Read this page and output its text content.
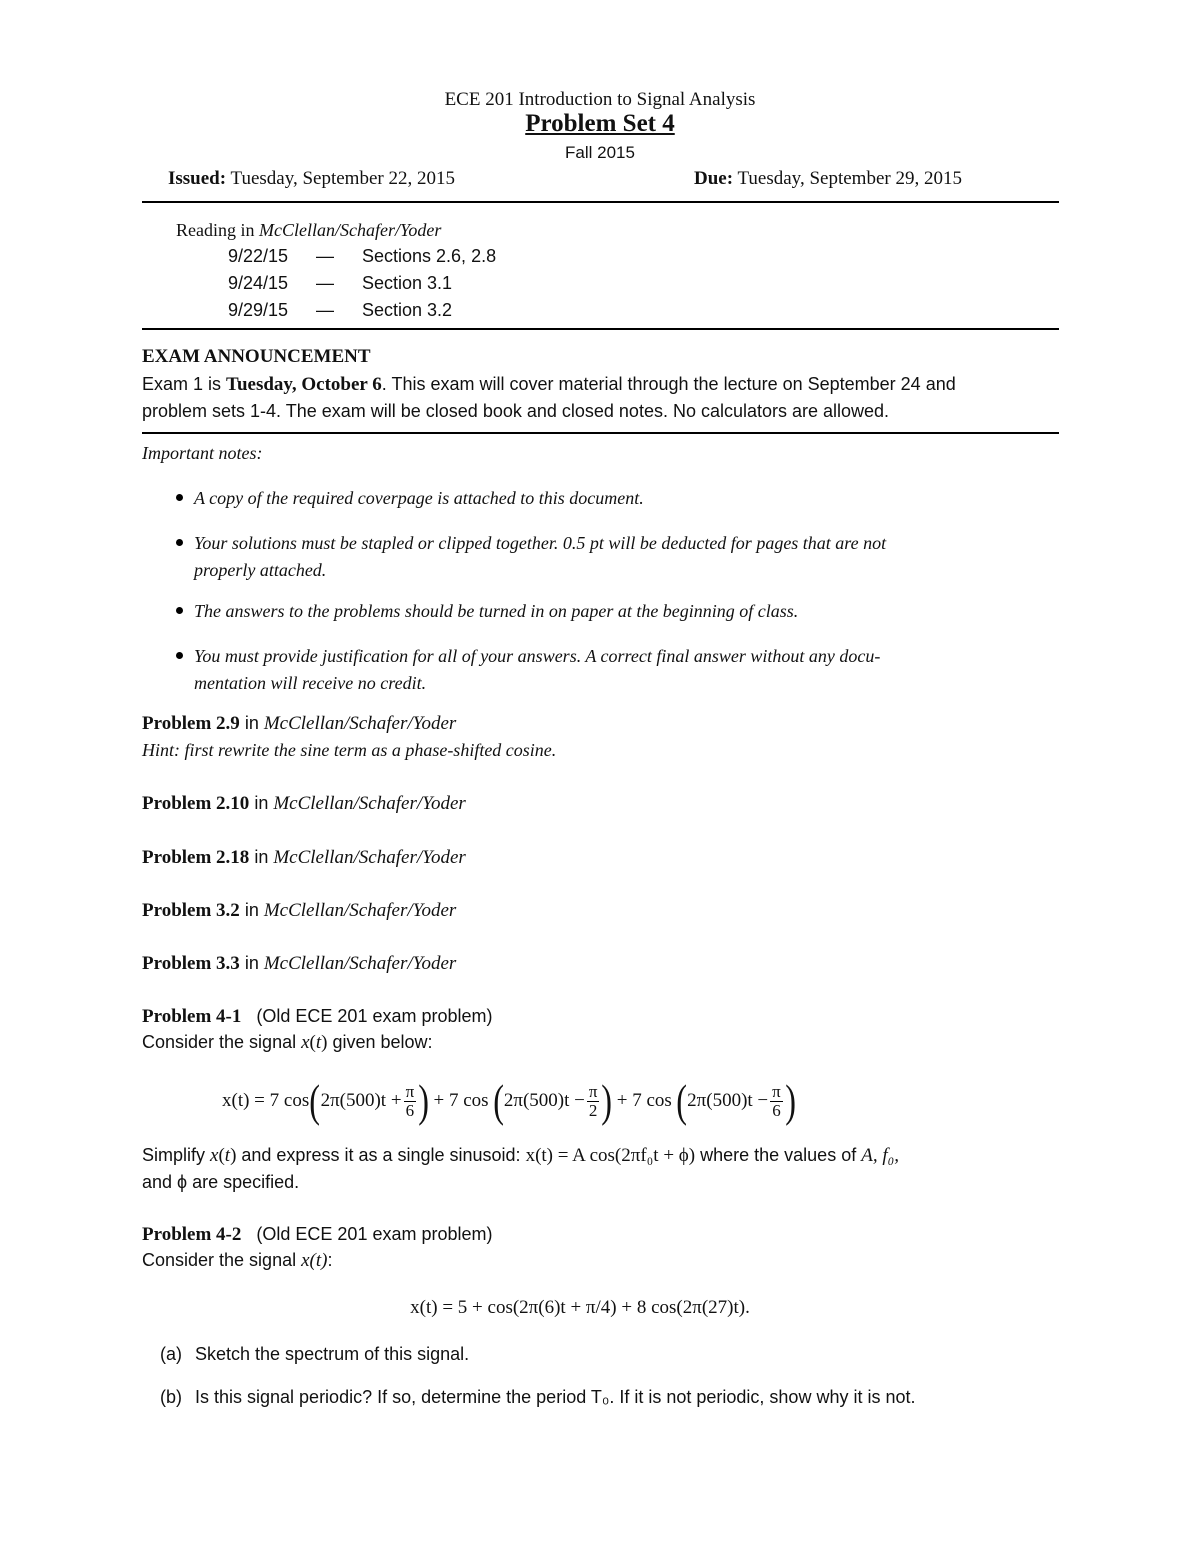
ECE 201 Introduction to Signal Analysis
Problem Set 4
Fall 2015
Issued: Tuesday, September 22, 2015	Due: Tuesday, September 29, 2015
Reading in McClellan/Schafer/Yoder
9/22/15 — Sections 2.6, 2.8
9/24/15 — Section 3.1
9/29/15 — Section 3.2
EXAM ANNOUNCEMENT
Exam 1 is Tuesday, October 6. This exam will cover material through the lecture on September 24 and
problem sets 1-4. The exam will be closed book and closed notes. No calculators are allowed.
Important notes:
A copy of the required coverpage is attached to this document.
Your solutions must be stapled or clipped together. 0.5 pt will be deducted for pages that are not
properly attached.
The answers to the problems should be turned in on paper at the beginning of class.
You must provide justification for all of your answers. A correct final answer without any docu-
mentation will receive no credit.
Problem 2.9 in McClellan/Schafer/Yoder
Hint: first rewrite the sine term as a phase-shifted cosine.
Problem 2.10 in McClellan/Schafer/Yoder
Problem 2.18 in McClellan/Schafer/Yoder
Problem 3.2 in McClellan/Schafer/Yoder
Problem 3.3 in McClellan/Schafer/Yoder
Problem 4-1 (Old ECE 201 exam problem)
Consider the signal x(t) given below:
x(t) = 7 cos ( $2\pi(500)t + \frac{\pi}{6}$ ) + 7 cos ( $2\pi(500)t - \frac{\pi}{2}$ ) + 7 cos ( $2\pi(500)t - \frac{\pi}{6}$ )
Simplify x(t) and express it as a single sinusoid: x(t) = A cos(2πf₀t + ϕ) where the values of A, f₀,
and ϕ are specified.
Problem 4-2 (Old ECE 201 exam problem)
Consider the signal x(t):
x(t) = 5 + cos(2π(6)t + π/4) + 8 cos(2π(27)t).
(a) Sketch the spectrum of this signal.
(b) Is this signal periodic? If so, determine the period T₀. If it is not periodic, show why it is not.
